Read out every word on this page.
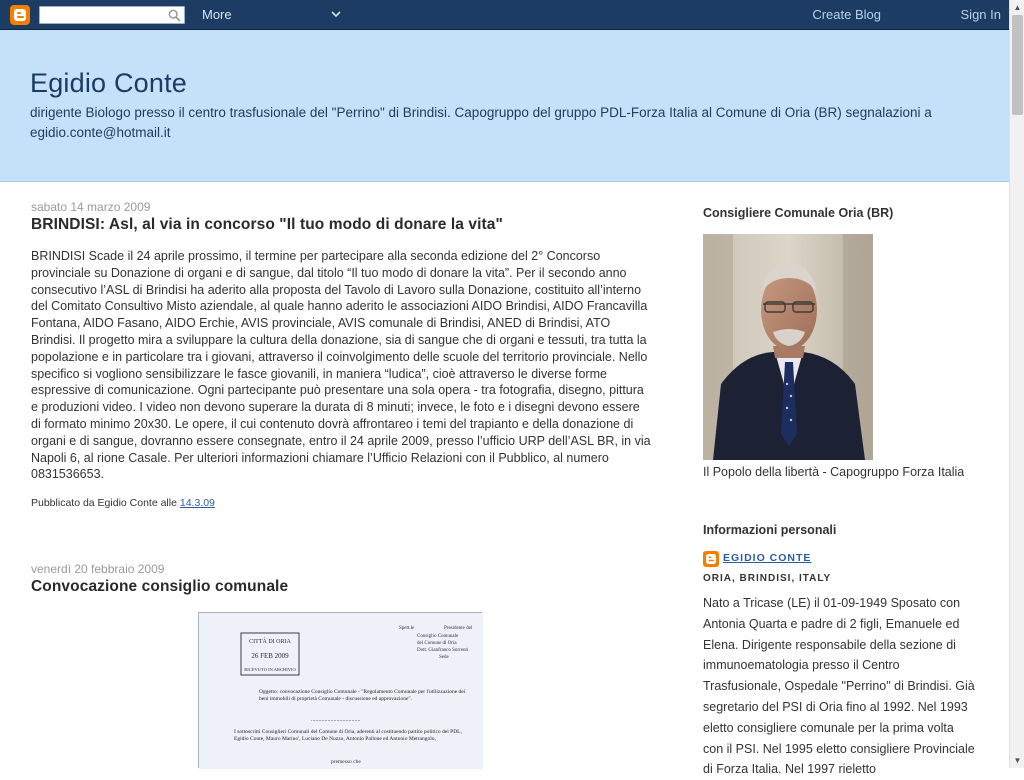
More	Create Blog	Sign In
Egidio Conte
dirigente Biologo presso il centro trasfusionale del "Perrino" di Brindisi. Capogruppo del gruppo PDL-Forza Italia al Comune di Oria (BR) segnalazioni a egidio.conte@hotmail.it
sabato 14 marzo 2009
BRINDISI: Asl, al via in concorso "Il tuo modo di donare la vita"
BRINDISI Scade il 24 aprile prossimo, il termine per partecipare alla seconda edizione del 2° Concorso provinciale su Donazione di organi e di sangue, dal titolo “Il tuo modo di donare la vita”. Per il secondo anno consecutivo l’ASL di Brindisi ha aderito alla proposta del Tavolo di Lavoro sulla Donazione, costituito all’interno del Comitato Consultivo Misto aziendale, al quale hanno aderito le associazioni AIDO Brindisi, AIDO Francavilla Fontana, AIDO Fasano, AIDO Erchie, AVIS provinciale, AVIS comunale di Brindisi, ANED di Brindisi, ATO Brindisi. Il progetto mira a sviluppare la cultura della donazione, sia di sangue che di organi e tessuti, tra tutta la popolazione e in particolare tra i giovani, attraverso il coinvolgimento delle scuole del territorio provinciale. Nello specifico si vogliono sensibilizzare le fasce giovanili, in maniera “ludica”, cioè attraverso le diverse forme espressive di comunicazione. Ogni partecipante può presentare una sola opera - tra fotografia, disegno, pittura e produzioni video. I video non devono superare la durata di 8 minuti; invece, le foto e i disegni devono essere di formato minimo 20x30. Le opere, il cui contenuto dovrà affrontareo i temi del trapianto e della donazione di organi e di sangue, dovranno essere consegnate, entro il 24 aprile 2009, presso l’ufficio URP dell’ASL BR, in via Napoli 6, al rione Casale. Per ulteriori informazioni chiamare l’Ufficio Relazioni con il Pubblico, al numero 0831536653.
Pubblicato da Egidio Conte alle 14.3.09
venerdì 20 febbraio 2009
Convocazione consiglio comunale
CITTÀ DI ORIA
26 FEB 2009
RICEVUTO IN ARCHIVIO
Spett.le	Presidente del
Consiglio Comunale
del Comune di Oria
Dott. Gianfranco Sorrenti
Sede
Oggetto: convocazione Consiglio Comunale - "Regolamento Comunale per l'utilizzazione dei beni immobili di proprietà Comunale - discussione ed approvazione".
.................................
I sottoscritti Consiglieri Comunali del Comune di Oria, aderenti al costituendo partito politico del PDL, Egidio Conte, Mauro Marino', Luciano De Nuzzo, Antonio Pallone ed Antonio Metrangolo,
premesso che
Consigliere Comunale Oria (BR)
Il Popolo della libertà - Capogruppo Forza Italia
Informazioni personali
EGIDIO CONTE
ORIA, BRINDISI, ITALY
Nato a Tricase (LE) il 01-09-1949 Sposato con Antonia Quarta e padre di 2 figli, Emanuele ed Elena. Dirigente responsabile della sezione di immunoematologia presso il Centro Trasfusionale, Ospedale "Perrino" di Brindisi. Già segretario del PSI di Oria fino al 1992. Nel 1993 eletto consigliere comunale per la prima volta con il PSI. Nel 1995 eletto consigliere Provinciale di Forza Italia. Nel 1997 rieletto
▲
▼
